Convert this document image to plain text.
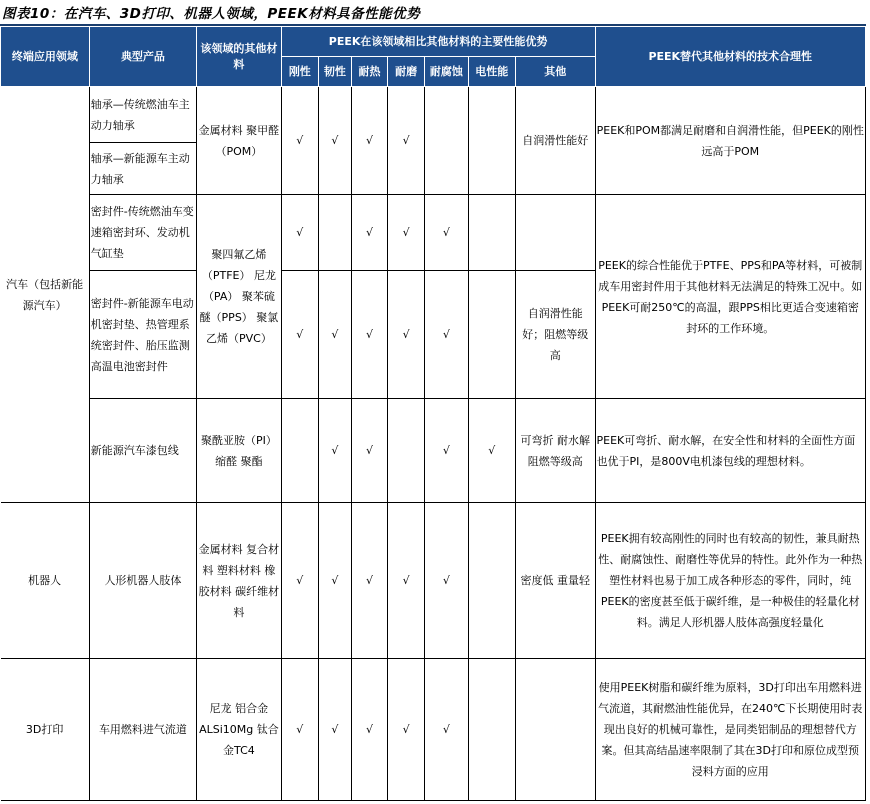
图表10：在汽车、3D打印、机器人领域，PEEK材料具备性能优势
终端应用领域	典型产品	该领域的其他材料	PEEK在该领域相比其他材料的主要性能优势							PEEK替代其他材料的技术合理性
			刚性	韧性	耐热	耐磨	耐腐蚀	电性能	其他	
汽车（包括新能源汽车）	轴承—传统燃油车主动力轴承	金属材料 聚甲醛（POM）	√	√	√	√			自润滑性能好	PEEK和POM都满足耐磨和自润滑性能，但PEEK的刚性远高于POM
	轴承—新能源车主动力轴承									
	密封件-传统燃油车变速箱密封环、发动机气缸垫	聚四氟乙烯（PTFE） 尼龙（PA） 聚苯硫醚（PPS） 聚氯乙烯（PVC）	√		√	√	√			PEEK的综合性能优于PTFE、PPS和PA等材料，可被制成车用密封件用于其他材料无法满足的特殊工况中。如PEEK可耐250℃的高温，跟PPS相比更适合变速箱密封环的工作环境。
	密封件-新能源车电动机密封垫、热管理系统密封件、胎压监测高温电池密封件		√	√	√	√	√		自润滑性能好；阻燃等级高	
	新能源汽车漆包线	聚酰亚胺（PI） 缩醛 聚酯		√	√		√	√	可弯折 耐水解 阻燃等级高	PEEK可弯折、耐水解，在安全性和材料的全面性方面也优于PI，是800V电机漆包线的理想材料。
机器人	人形机器人肢体	金属材料 复合材料 塑料材料 橡胶材料 碳纤维材料	√	√	√	√	√		密度低 重量轻	PEEK拥有较高刚性的同时也有较高的韧性，兼具耐热性、耐腐蚀性、耐磨性等优异的特性。此外作为一种热塑性材料也易于加工成各种形态的零件，同时，纯PEEK的密度甚至低于碳纤维，是一种极佳的轻量化材料。满足人形机器人肢体高强度轻量化
3D打印	车用燃料进气流道	尼龙 铝合金 ALSi10Mg 钛合金TC4	√	√	√	√	√			使用PEEK树脂和碳纤维为原料，3D打印出车用燃料进气流道，其耐燃油性能优异，在240℃下长期使用时表现出良好的机械可靠性，是同类铝制品的理想替代方案。但其高结晶速率限制了其在3D打印和原位成型预浸料方面的应用
